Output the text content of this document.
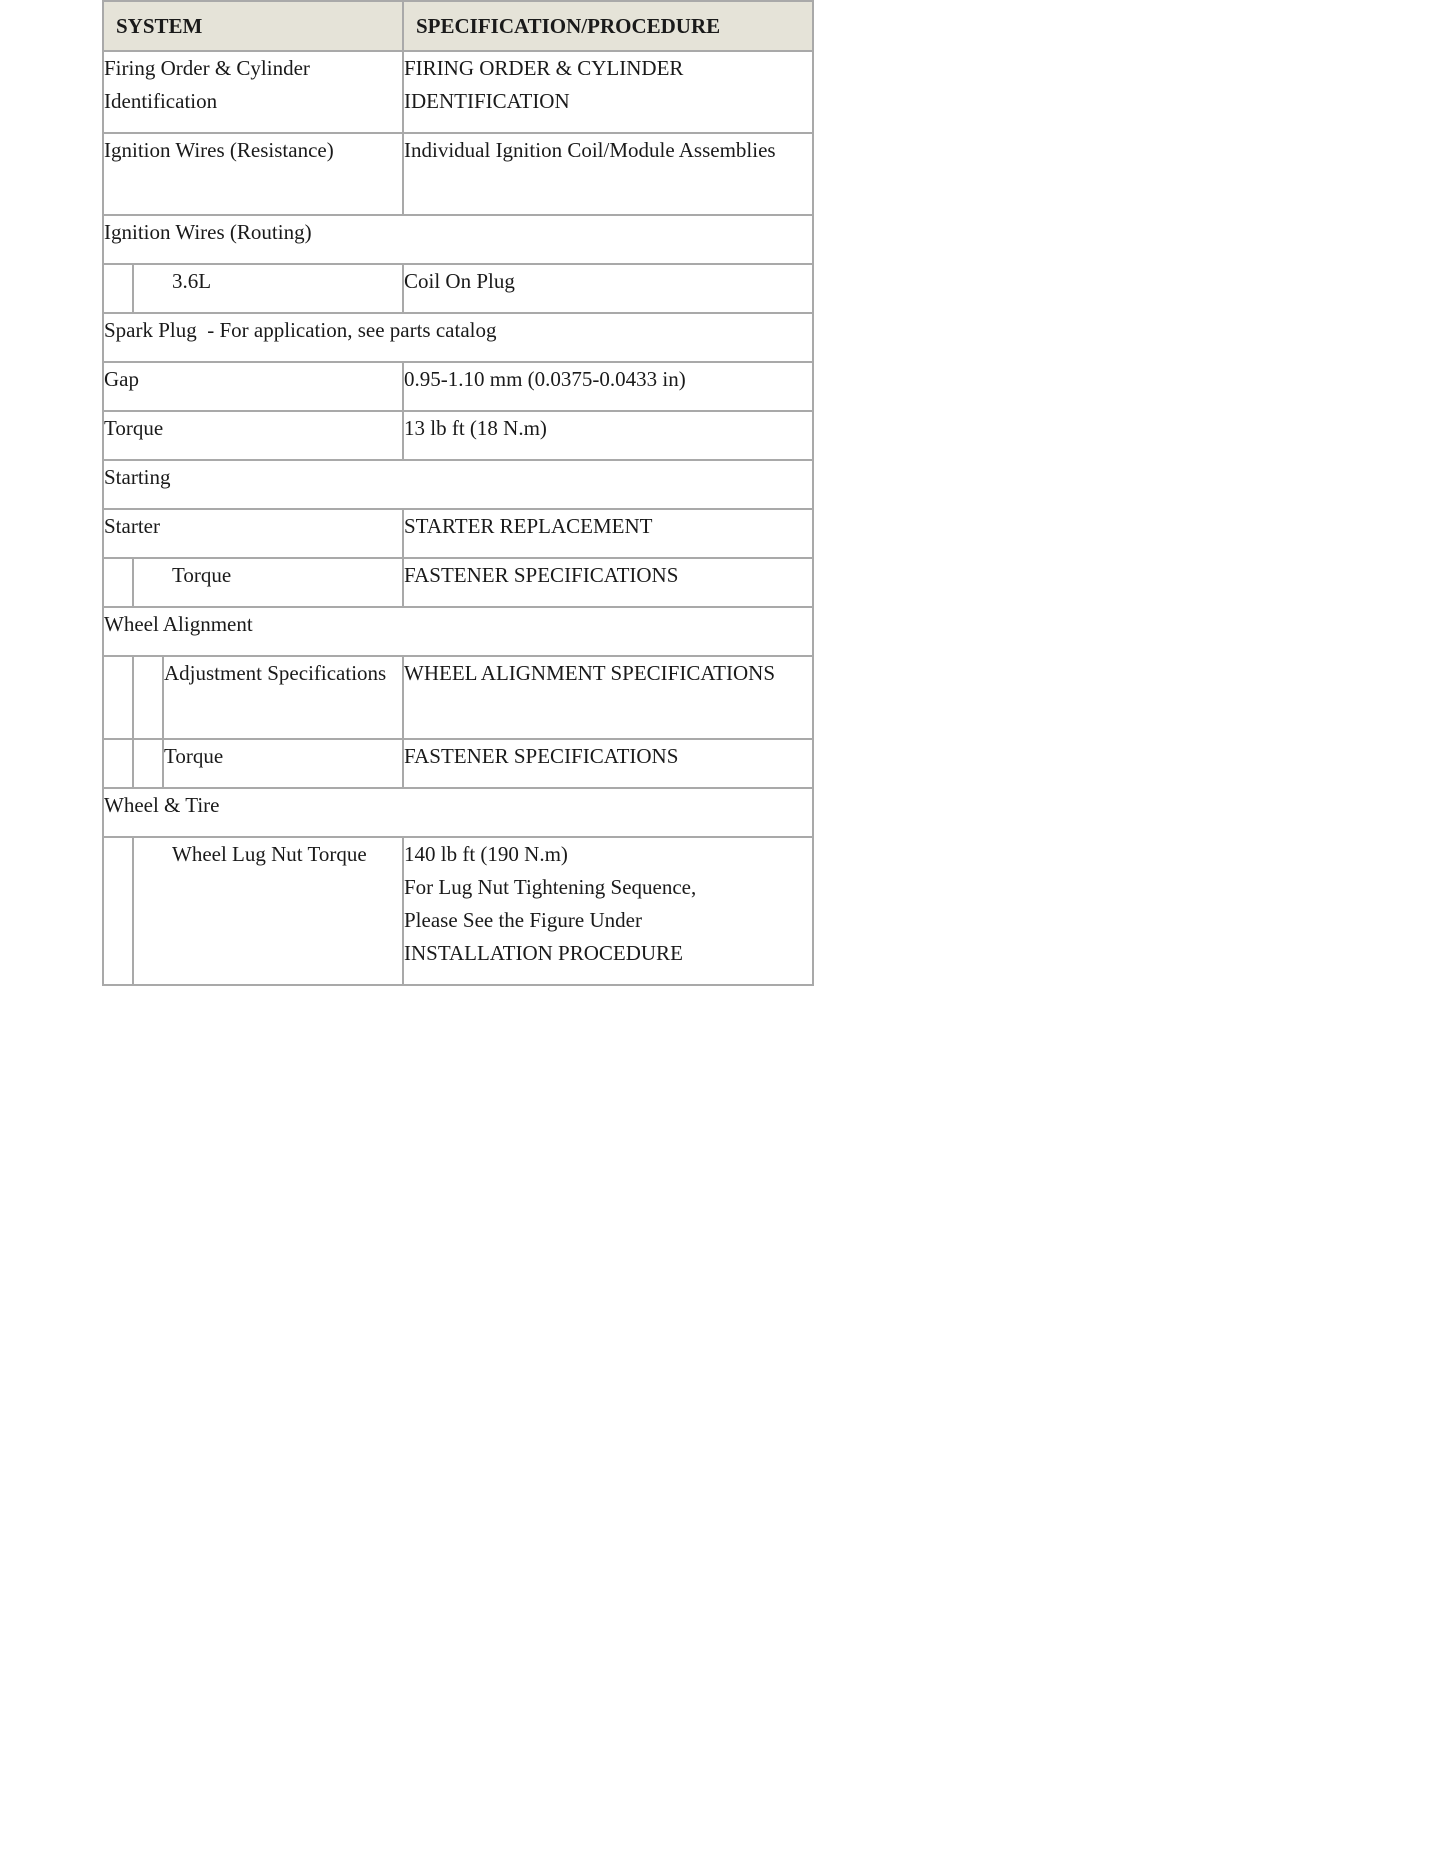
SYSTEM			SPECIFICATION/PROCEDURE

Firing Order & Cylinder Identification			FIRING ORDER & CYLINDER IDENTIFICATION

Ignition Wires (Resistance)			Individual Ignition Coil/Module Assemblies

Ignition Wires (Routing)			

	3.6L		Coil On Plug

Spark Plug  - For application, see parts catalog			

Gap			0.95-1.10 mm (0.0375-0.0433 in)

Torque			13 lb ft (18 N.m)

Starting			

Starter			STARTER REPLACEMENT

	Torque		FASTENER SPECIFICATIONS

Wheel Alignment			

		Adjustment Specifications	WHEEL ALIGNMENT SPECIFICATIONS

		Torque	FASTENER SPECIFICATIONS

Wheel & Tire			

	Wheel Lug Nut Torque		140 lb ft (190 N.m)
For Lug Nut Tightening Sequence,
Please See the Figure Under
INSTALLATION PROCEDURE
